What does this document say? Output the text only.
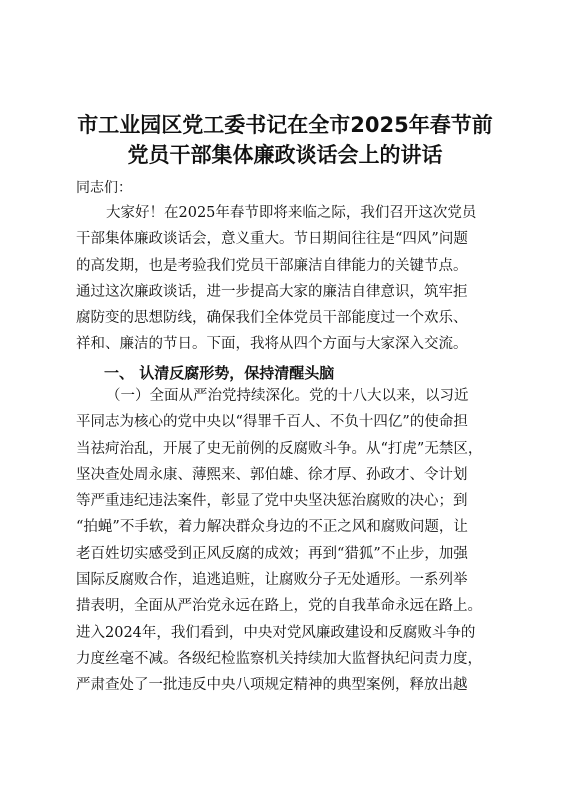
市工业园区党工委书记在全市2025年春节前
党员干部集体廉政谈话会上的讲话
同志们：
大家好！在2025年春节即将来临之际，我们召开这次党员
干部集体廉政谈话会，意义重大。节日期间往往是“四风”问题
的高发期，也是考验我们党员干部廉洁自律能力的关键节点。
通过这次廉政谈话，进一步提高大家的廉洁自律意识，筑牢拒
腐防变的思想防线，确保我们全体党员干部能度过一个欢乐、
祥和、廉洁的节日。下面，我将从四个方面与大家深入交流。
一、 认清反腐形势，保持清醒头脑
（一）全面从严治党持续深化。党的十八大以来，以习近
平同志为核心的党中央以“得罪千百人、不负十四亿”的使命担
当祛疴治乱，开展了史无前例的反腐败斗争。从“打虎”无禁区，
坚决查处周永康、薄熙来、郭伯雄、徐才厚、孙政才、令计划
等严重违纪违法案件，彰显了党中央坚决惩治腐败的决心；到
“拍蝇”不手软，着力解决群众身边的不正之风和腐败问题，让
老百姓切实感受到正风反腐的成效；再到“猎狐”不止步，加强
国际反腐败合作，追逃追赃，让腐败分子无处遁形。一系列举
措表明，全面从严治党永远在路上，党的自我革命永远在路上。
进入2024年，我们看到，中央对党风廉政建设和反腐败斗争的
力度丝毫不减。各级纪检监察机关持续加大监督执纪问责力度，
严肃查处了一批违反中央八项规定精神的典型案例，释放出越
